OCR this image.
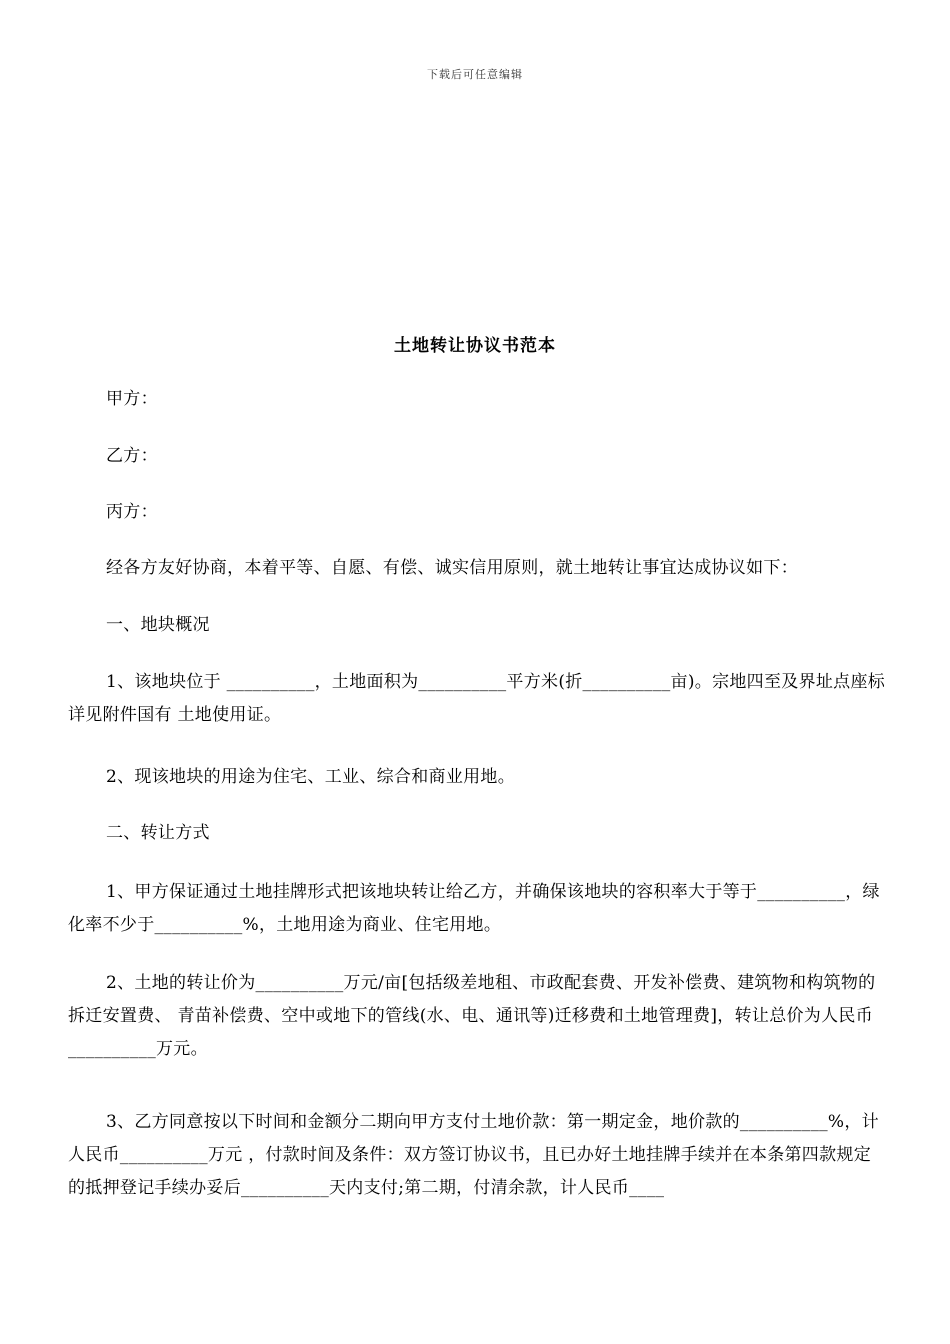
下载后可任意编辑
土地转让协议书范本

甲方：

乙方：

丙方：

经各方友好协商，本着平等、自愿、有偿、诚实信用原则，就土地转让事宜达成协议如下：

一、地块概况

1、该地块位于 __________，土地面积为__________平方米(折__________亩)。宗地四至及界址点座标详见附件国有 土地使用证。

2、现该地块的用途为住宅、工业、综合和商业用地。

二、转让方式

1、甲方保证通过土地挂牌形式把该地块转让给乙方，并确保该地块的容积率大于等于__________，绿化率不少于__________%，土地用途为商业、住宅用地。

2、土地的转让价为__________万元/亩[包括级差地租、市政配套费、开发补偿费、建筑物和构筑物的拆迁安置费、 青苗补偿费、空中或地下的管线(水、电、通讯等)迁移费和土地管理费]，转让总价为人民币__________万元。

3、乙方同意按以下时间和金额分二期向甲方支付土地价款：第一期定金，地价款的__________%，计人民币__________万元 ，付款时间及条件：双方签订协议书，且已办好土地挂牌手续并在本条第四款规定的抵押登记手续办妥后__________天内支付;第二期，付清余款，计人民币____
